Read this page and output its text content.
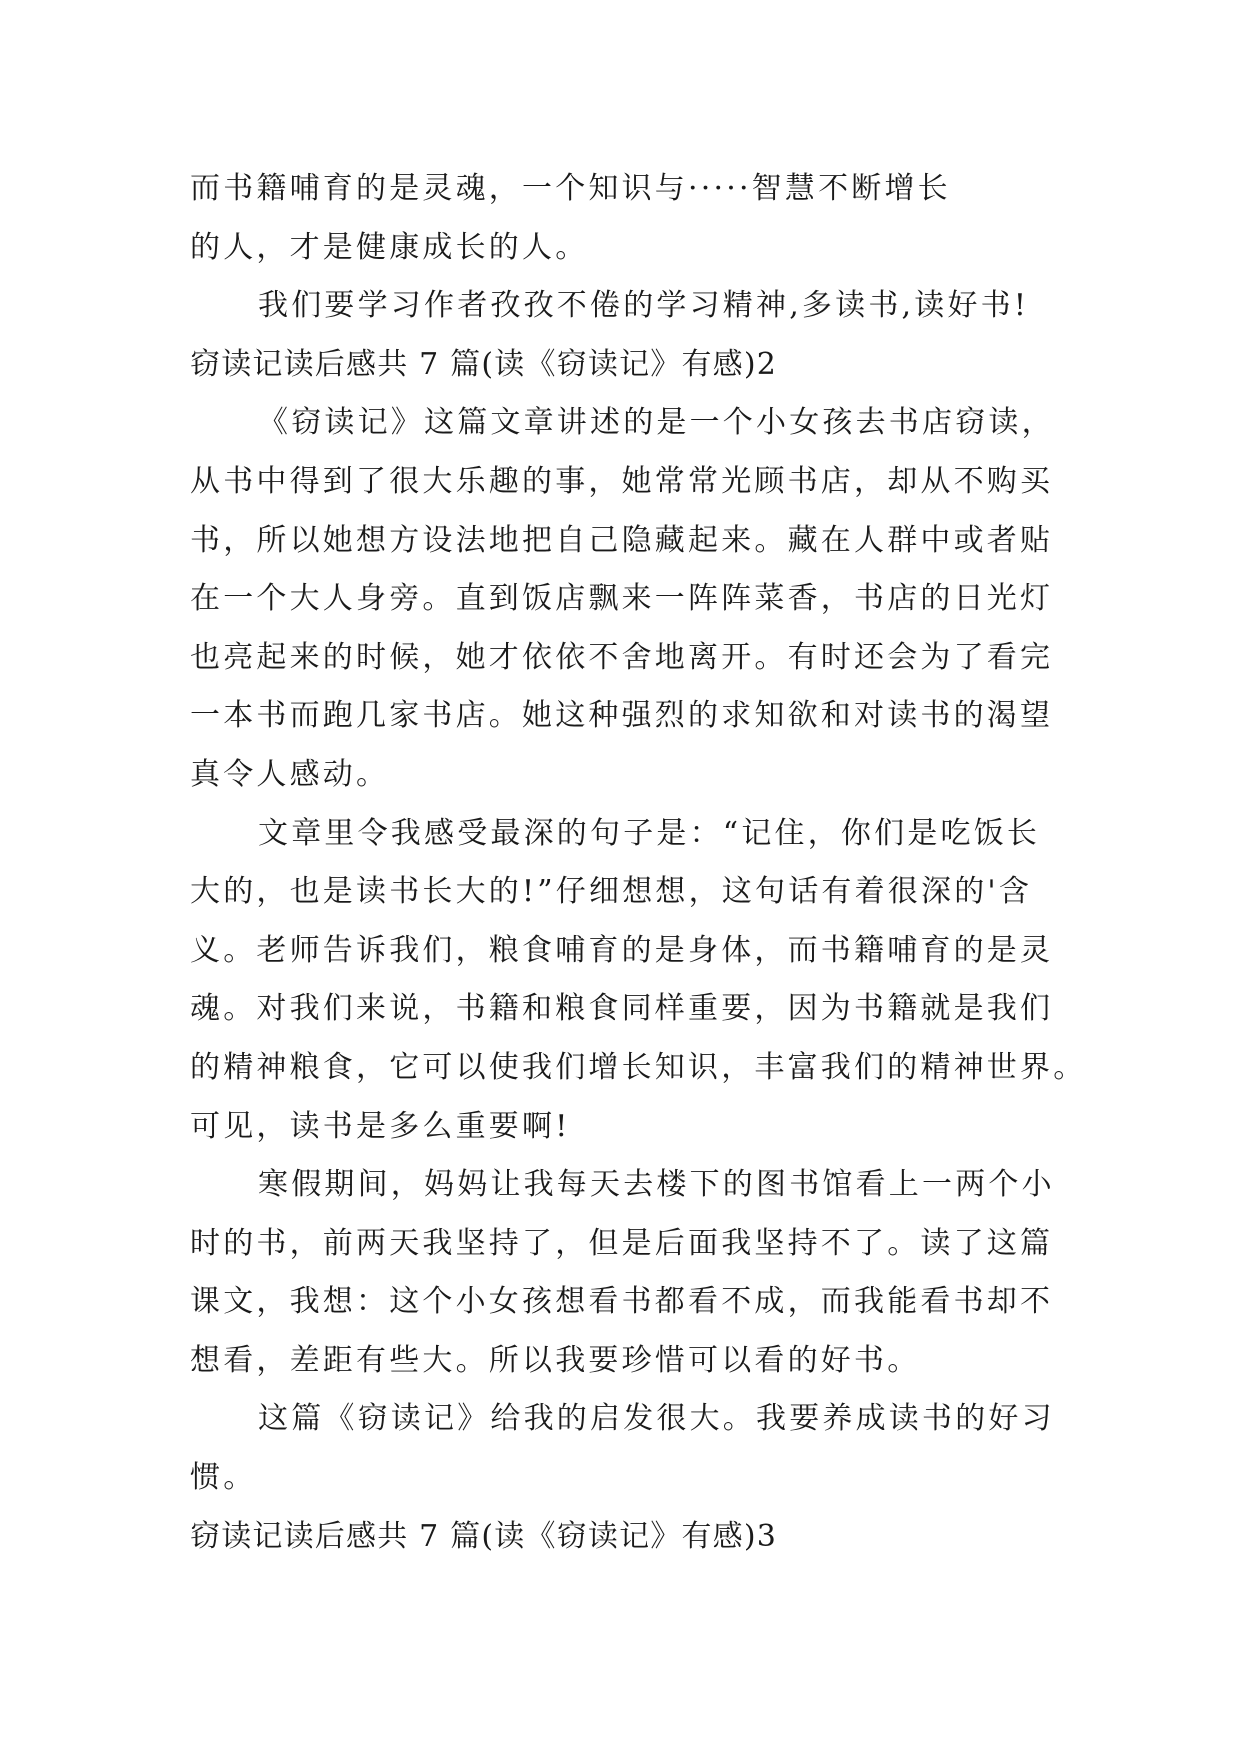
而书籍哺育的是灵魂，一个知识与·····智慧不断增长
的人，才是健康成长的人。
我们要学习作者孜孜不倦的学习精神,多读书,读好书!
窃读记读后感共 7 篇(读《窃读记》有感)2
《窃读记》这篇文章讲述的是一个小女孩去书店窃读，
从书中得到了很大乐趣的事，她常常光顾书店，却从不购买
书，所以她想方设法地把自己隐藏起来。藏在人群中或者贴
在一个大人身旁。直到饭店飘来一阵阵菜香，书店的日光灯
也亮起来的时候，她才依依不舍地离开。有时还会为了看完
一本书而跑几家书店。她这种强烈的求知欲和对读书的渴望
真令人感动。
文章里令我感受最深的句子是：“记住，你们是吃饭长
大的，也是读书长大的!”仔细想想，这句话有着很深的'含
义。老师告诉我们，粮食哺育的是身体，而书籍哺育的是灵
魂。对我们来说，书籍和粮食同样重要，因为书籍就是我们
的精神粮食，它可以使我们增长知识，丰富我们的精神世界。
可见，读书是多么重要啊!
寒假期间，妈妈让我每天去楼下的图书馆看上一两个小
时的书，前两天我坚持了，但是后面我坚持不了。读了这篇
课文，我想：这个小女孩想看书都看不成，而我能看书却不
想看，差距有些大。所以我要珍惜可以看的好书。
这篇《窃读记》给我的启发很大。我要养成读书的好习
惯。
窃读记读后感共 7 篇(读《窃读记》有感)3
